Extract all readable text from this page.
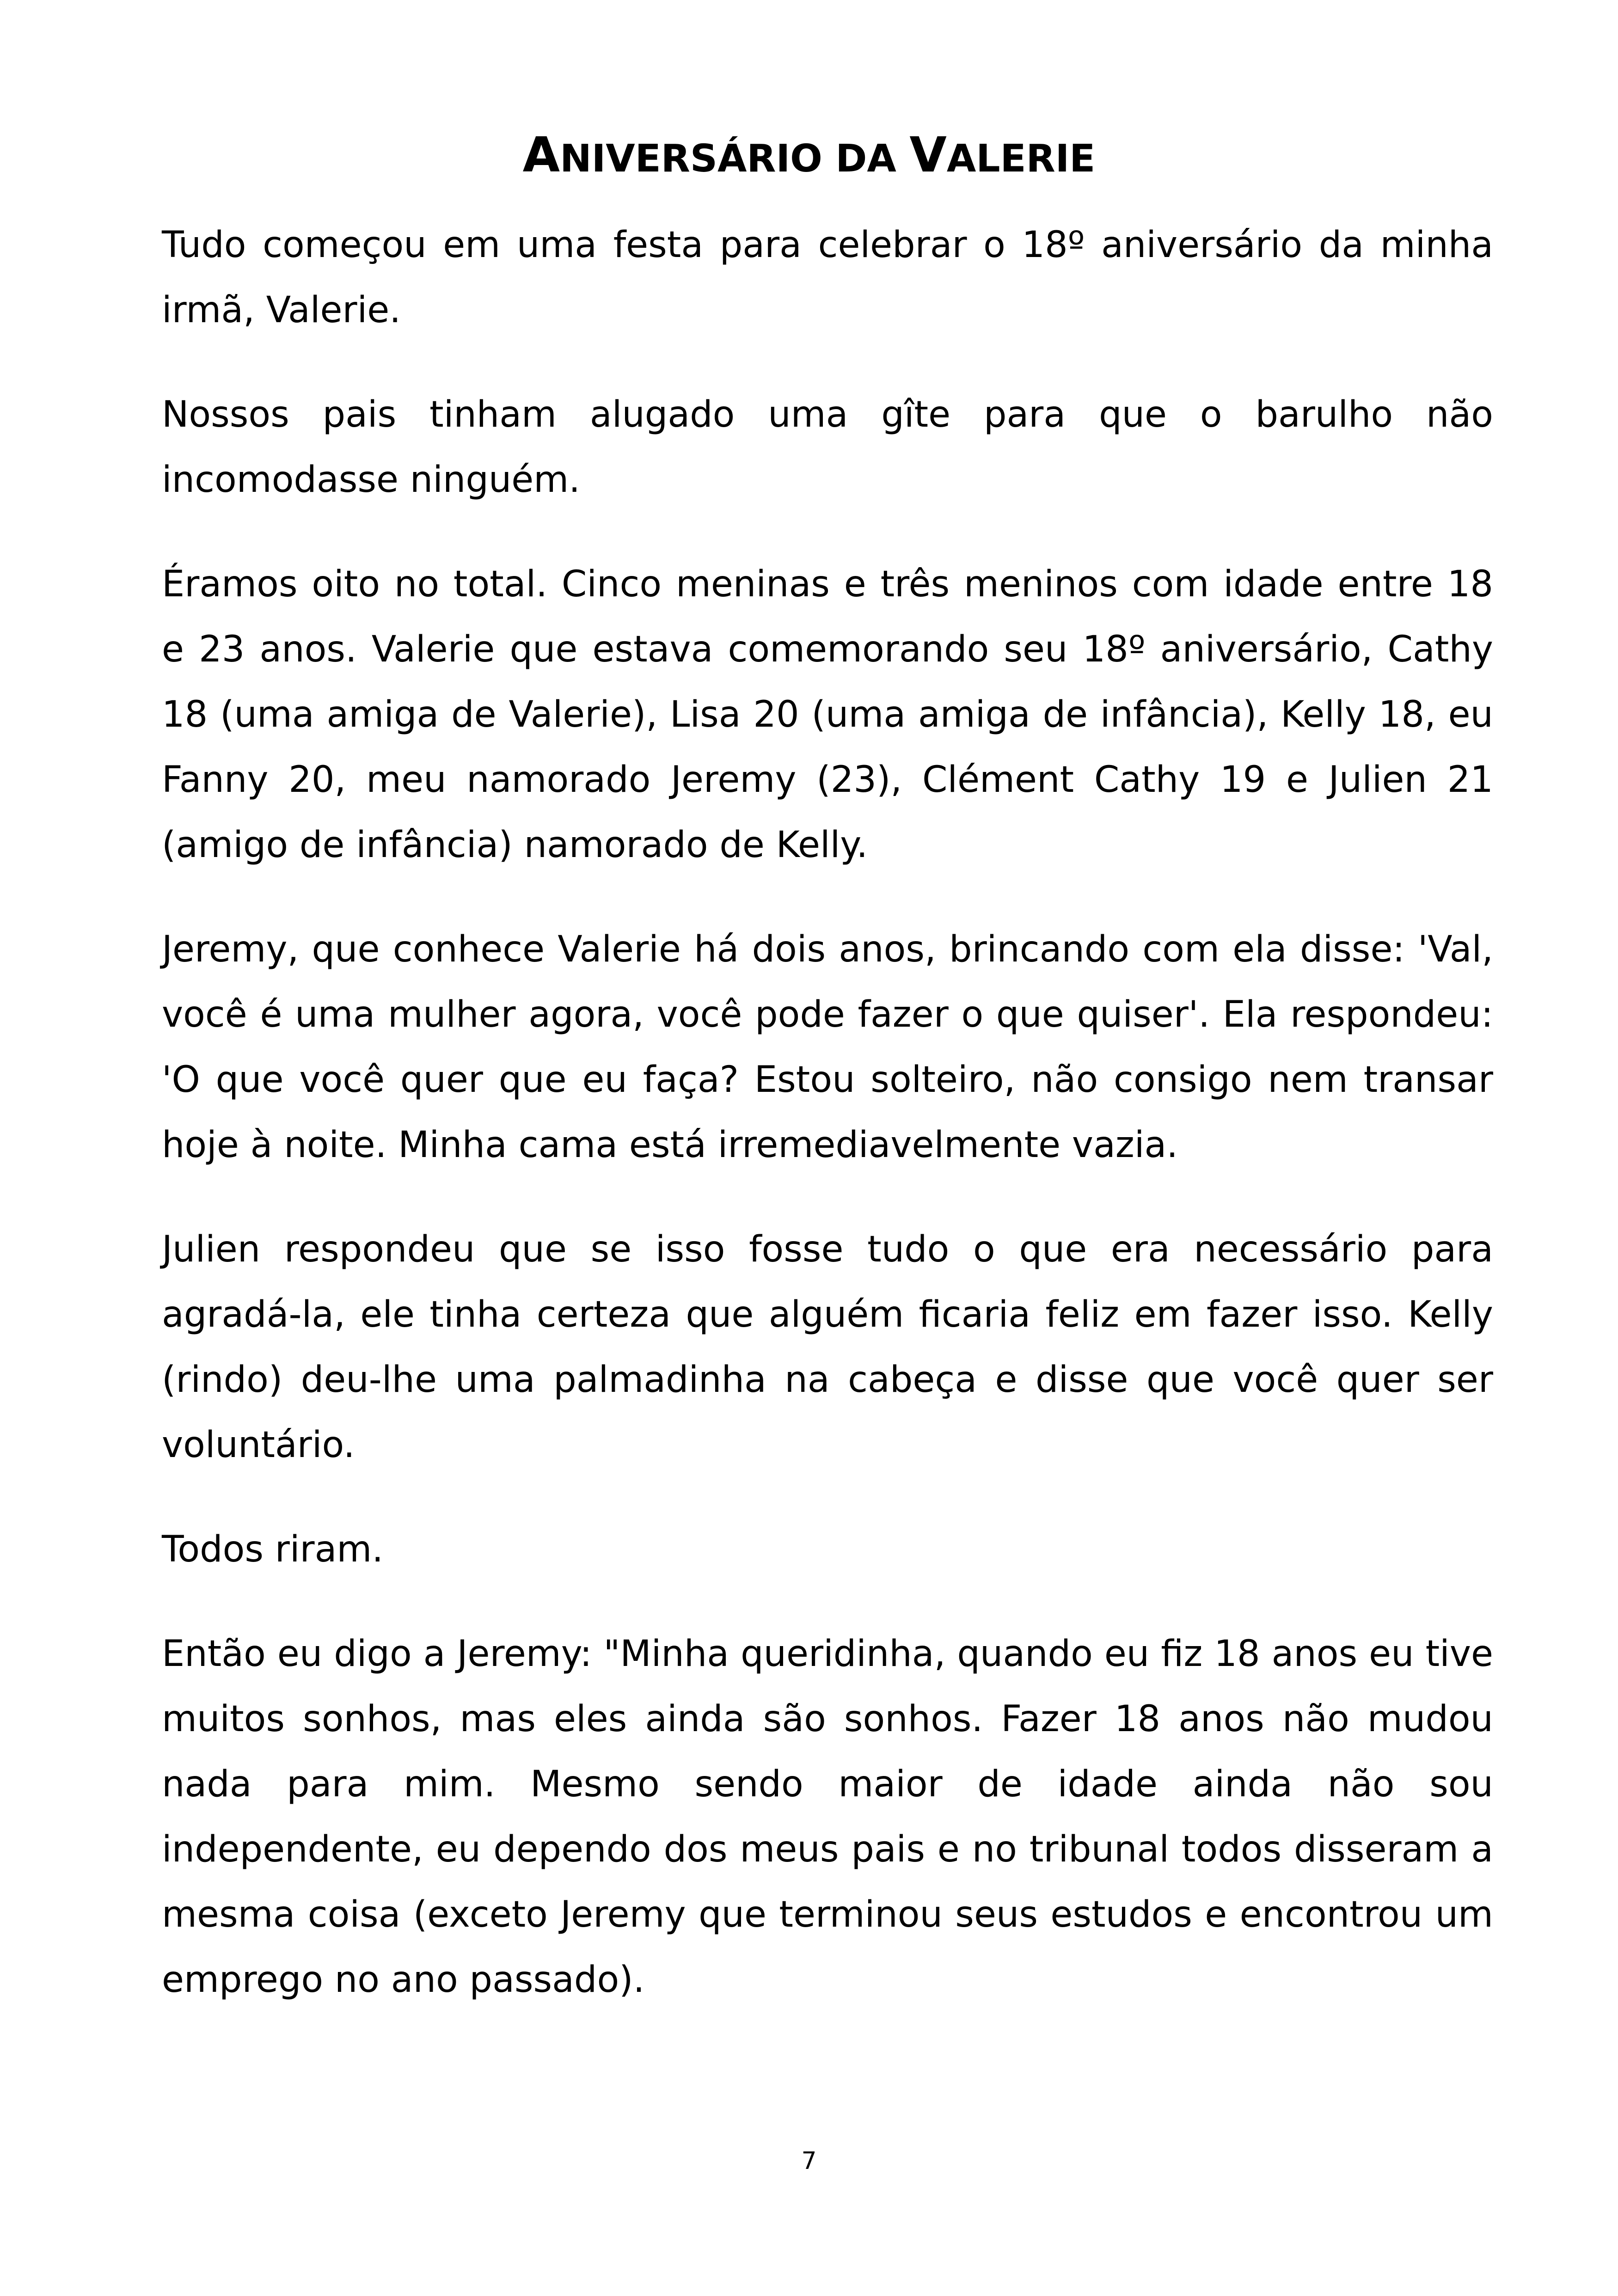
ANIVERSÁRIO DA VALERIE

Tudo começou em uma festa para celebrar o 18º aniversário da minha irmã, Valerie.

Nossos pais tinham alugado uma gîte para que o barulho não incomodasse ninguém.

Éramos oito no total. Cinco meninas e três meninos com idade entre 18 e 23 anos. Valerie que estava comemorando seu 18º aniversário, Cathy 18 (uma amiga de Valerie), Lisa 20 (uma amiga de infância), Kelly 18, eu Fanny 20, meu namorado Jeremy (23), Clément Cathy 19 e Julien 21 (amigo de infância) namorado de Kelly.

Jeremy, que conhece Valerie há dois anos, brincando com ela disse: 'Val, você é uma mulher agora, você pode fazer o que quiser'. Ela respondeu: 'O que você quer que eu faça? Estou solteiro, não consigo nem transar hoje à noite. Minha cama está irremediavelmente vazia.

Julien respondeu que se isso fosse tudo o que era necessário para agradá-la, ele tinha certeza que alguém ficaria feliz em fazer isso. Kelly (rindo) deu-lhe uma palmadinha na cabeça e disse que você quer ser voluntário.

Todos riram.

Então eu digo a Jeremy: "Minha queridinha, quando eu fiz 18 anos eu tive muitos sonhos, mas eles ainda são sonhos. Fazer 18 anos não mudou nada para mim. Mesmo sendo maior de idade ainda não sou independente, eu dependo dos meus pais e no tribunal todos disseram a mesma coisa (exceto Jeremy que terminou seus estudos e encontrou um emprego no ano passado).

7
